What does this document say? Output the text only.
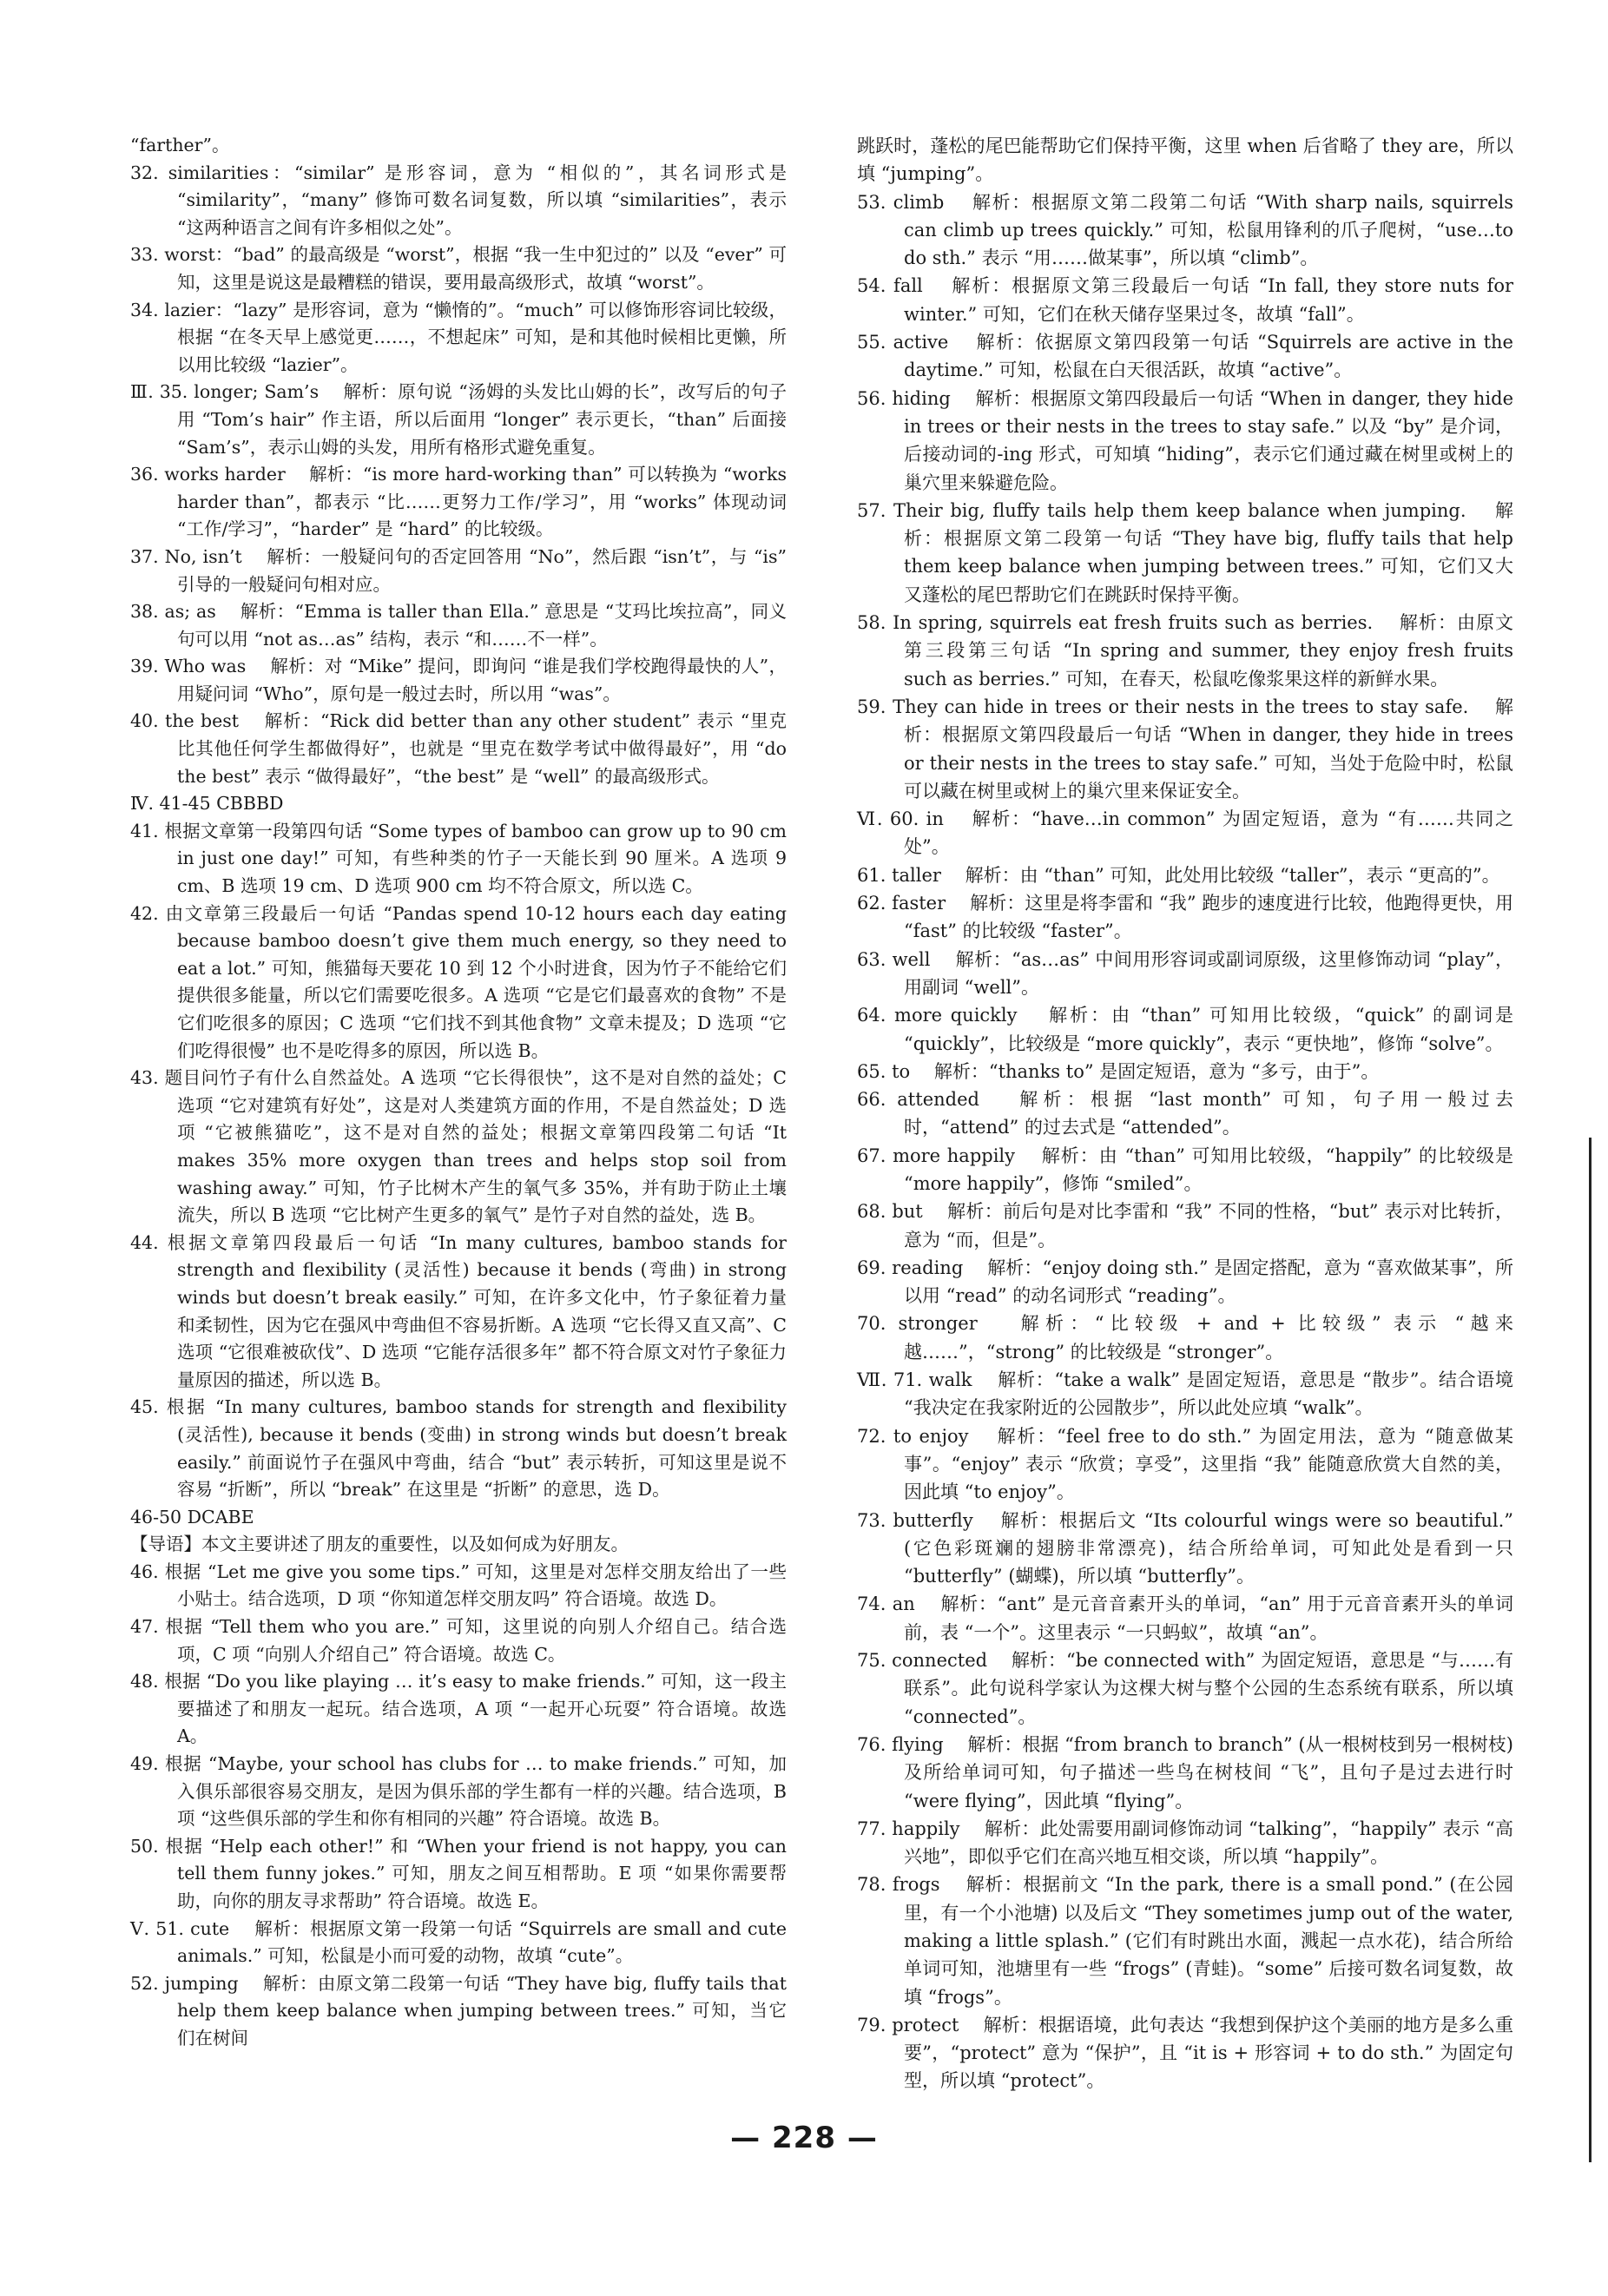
“farther”。

32. similarities：“similar” 是形容词，意为 “相似的”，其名词形式是 “similarity”，“many” 修饰可数名词复数，所以填 “similarities”，表示 “这两种语言之间有许多相似之处”。

33. worst：“bad” 的最高级是 “worst”，根据 “我一生中犯过的” 以及 “ever” 可知，这里是说这是最糟糕的错误，要用最高级形式，故填 “worst”。

34. lazier：“lazy” 是形容词，意为 “懒惰的”。“much” 可以修饰形容词比较级，根据 “在冬天早上感觉更……，不想起床” 可知，是和其他时候相比更懒，所以用比较级 “lazier”。

Ⅲ. 35. longer; Sam’s　 解析：原句说 “汤姆的头发比山姆的长”，改写后的句子用 “Tom’s hair” 作主语，所以后面用 “longer” 表示更长，“than” 后面接 “Sam’s”，表示山姆的头发，用所有格形式避免重复。

36. works harder　 解析：“is more hard-working than” 可以转换为 “works harder than”，都表示 “比……更努力工作/学习”，用 “works” 体现动词 “工作/学习”，“harder” 是 “hard” 的比较级。

37. No, isn’t　 解析：一般疑问句的否定回答用 “No”，然后跟 “isn’t”，与 “is” 引导的一般疑问句相对应。

38. as; as　 解析：“Emma is taller than Ella.” 意思是 “艾玛比埃拉高”，同义句可以用 “not as…as” 结构，表示 “和……不一样”。

39. Who was　 解析：对 “Mike” 提问，即询问 “谁是我们学校跑得最快的人”，用疑问词 “Who”，原句是一般过去时，所以用 “was”。

40. the best　 解析：“Rick did better than any other student” 表示 “里克比其他任何学生都做得好”，也就是 “里克在数学考试中做得最好”，用 “do the best” 表示 “做得最好”，“the best” 是 “well” 的最高级形式。

Ⅳ. 41-45 CBBBD

41. 根据文章第一段第四句话 “Some types of bamboo can grow up to 90 cm in just one day!” 可知，有些种类的竹子一天能长到 90 厘米。A 选项 9 cm、B 选项 19 cm、D 选项 900 cm 均不符合原文，所以选 C。

42. 由文章第三段最后一句话 “Pandas spend 10-12 hours each day eating because bamboo doesn’t give them much energy, so they need to eat a lot.” 可知，熊猫每天要花 10 到 12 个小时进食，因为竹子不能给它们提供很多能量，所以它们需要吃很多。A 选项 “它是它们最喜欢的食物” 不是它们吃很多的原因；C 选项 “它们找不到其他食物” 文章未提及；D 选项 “它们吃得很慢” 也不是吃得多的原因，所以选 B。

43. 题目问竹子有什么自然益处。A 选项 “它长得很快”，这不是对自然的益处；C 选项 “它对建筑有好处”，这是对人类建筑方面的作用，不是自然益处；D 选项 “它被熊猫吃”，这不是对自然的益处；根据文章第四段第二句话 “It makes 35% more oxygen than trees and helps stop soil from washing away.” 可知，竹子比树木产生的氧气多 35%，并有助于防止土壤流失，所以 B 选项 “它比树产生更多的氧气” 是竹子对自然的益处，选 B。

44. 根据文章第四段最后一句话 “In many cultures, bamboo stands for strength and flexibility (灵活性) because it bends (弯曲) in strong winds but doesn’t break easily.” 可知，在许多文化中，竹子象征着力量和柔韧性，因为它在强风中弯曲但不容易折断。A 选项 “它长得又直又高”、C 选项 “它很难被砍伐”、D 选项 “它能存活很多年” 都不符合原文对竹子象征力量原因的描述，所以选 B。

45. 根据 “In many cultures, bamboo stands for strength and flexibility (灵活性), because it bends (变曲) in strong winds but doesn’t break easily.” 前面说竹子在强风中弯曲，结合 “but” 表示转折，可知这里是说不容易 “折断”，所以 “break” 在这里是 “折断” 的意思，选 D。

46-50 DCABE

【导语】本文主要讲述了朋友的重要性，以及如何成为好朋友。

46. 根据 “Let me give you some tips.” 可知，这里是对怎样交朋友给出了一些小贴士。结合选项，D 项 “你知道怎样交朋友吗” 符合语境。故选 D。

47. 根据 “Tell them who you are.” 可知，这里说的向别人介绍自己。结合选项，C 项 “向别人介绍自己” 符合语境。故选 C。

48. 根据 “Do you like playing … it’s easy to make friends.” 可知，这一段主要描述了和朋友一起玩。结合选项，A 项 “一起开心玩耍” 符合语境。故选 A。

49. 根据 “Maybe, your school has clubs for … to make friends.” 可知，加入俱乐部很容易交朋友，是因为俱乐部的学生都有一样的兴趣。结合选项，B 项 “这些俱乐部的学生和你有相同的兴趣” 符合语境。故选 B。

50. 根据 “Help each other!” 和 “When your friend is not happy, you can tell them funny jokes.” 可知，朋友之间互相帮助。E 项 “如果你需要帮助，向你的朋友寻求帮助” 符合语境。故选 E。

Ⅴ. 51. cute　 解析：根据原文第一段第一句话 “Squirrels are small and cute animals.” 可知，松鼠是小而可爱的动物，故填 “cute”。

52. jumping　 解析：由原文第二段第一句话 “They have big, fluffy tails that help them keep balance when jumping between trees.” 可知，当它们在树间

跳跃时，蓬松的尾巴能帮助它们保持平衡，这里 when 后省略了 they are，所以填 “jumping”。

53. climb　 解析：根据原文第二段第二句话 “With sharp nails, squirrels can climb up trees quickly.” 可知，松鼠用锋利的爪子爬树，“use…to do sth.” 表示 “用……做某事”，所以填 “climb”。

54. fall　 解析：根据原文第三段最后一句话 “In fall, they store nuts for winter.” 可知，它们在秋天储存坚果过冬，故填 “fall”。

55. active　 解析：依据原文第四段第一句话 “Squirrels are active in the daytime.” 可知，松鼠在白天很活跃，故填 “active”。

56. hiding　 解析：根据原文第四段最后一句话 “When in danger, they hide in trees or their nests in the trees to stay safe.” 以及 “by” 是介词，后接动词的-ing 形式，可知填 “hiding”，表示它们通过藏在树里或树上的巢穴里来躲避危险。

57. Their big, fluffy tails help them keep balance when jumping.　 解析：根据原文第二段第一句话 “They have big, fluffy tails that help them keep balance when jumping between trees.” 可知，它们又大又蓬松的尾巴帮助它们在跳跃时保持平衡。

58. In spring, squirrels eat fresh fruits such as berries.　 解析：由原文第三段第三句话 “In spring and summer, they enjoy fresh fruits such as berries.” 可知，在春天，松鼠吃像浆果这样的新鲜水果。

59. They can hide in trees or their nests in the trees to stay safe.　 解析：根据原文第四段最后一句话 “When in danger, they hide in trees or their nests in the trees to stay safe.” 可知，当处于危险中时，松鼠可以藏在树里或树上的巢穴里来保证安全。

Ⅵ. 60. in　 解析：“have…in common” 为固定短语，意为 “有……共同之处”。

61. taller　 解析：由 “than” 可知，此处用比较级 “taller”，表示 “更高的”。

62. faster　 解析：这里是将李雷和 “我” 跑步的速度进行比较，他跑得更快，用 “fast” 的比较级 “faster”。

63. well　 解析：“as…as” 中间用形容词或副词原级，这里修饰动词 “play”，用副词 “well”。

64. more quickly　 解析：由 “than” 可知用比较级，“quick” 的副词是 “quickly”，比较级是 “more quickly”，表示 “更快地”，修饰 “solve”。

65. to　 解析：“thanks to” 是固定短语，意为 “多亏，由于”。

66. attended　 解析：根据 “last month” 可知，句子用一般过去时，“attend” 的过去式是 “attended”。

67. more happily　 解析：由 “than” 可知用比较级，“happily” 的比较级是 “more happily”，修饰 “smiled”。

68. but　 解析：前后句是对比李雷和 “我” 不同的性格，“but” 表示对比转折，意为 “而，但是”。

69. reading　 解析：“enjoy doing sth.” 是固定搭配，意为 “喜欢做某事”，所以用 “read” 的动名词形式 “reading”。

70. stronger　 解析：“比较级 + and + 比较级” 表示 “越来越……”，“strong” 的比较级是 “stronger”。

Ⅶ. 71. walk　 解析：“take a walk” 是固定短语，意思是 “散步”。结合语境 “我决定在我家附近的公园散步”，所以此处应填 “walk”。

72. to enjoy　 解析：“feel free to do sth.” 为固定用法，意为 “随意做某事”。“enjoy” 表示 “欣赏；享受”，这里指 “我” 能随意欣赏大自然的美，因此填 “to enjoy”。

73. butterfly　 解析：根据后文 “Its colourful wings were so beautiful.” (它色彩斑斓的翅膀非常漂亮)，结合所给单词，可知此处是看到一只 “butterfly” (蝴蝶)，所以填 “butterfly”。

74. an　 解析：“ant” 是元音音素开头的单词，“an” 用于元音音素开头的单词前，表 “一个”。这里表示 “一只蚂蚁”，故填 “an”。

75. connected　 解析：“be connected with” 为固定短语，意思是 “与……有联系”。此句说科学家认为这棵大树与整个公园的生态系统有联系，所以填 “connected”。

76. flying　 解析：根据 “from branch to branch” (从一根树枝到另一根树枝) 及所给单词可知，句子描述一些鸟在树枝间 “飞”，且句子是过去进行时 “were flying”，因此填 “flying”。

77. happily　 解析：此处需要用副词修饰动词 “talking”，“happily” 表示 “高兴地”，即似乎它们在高兴地互相交谈，所以填 “happily”。

78. frogs　 解析：根据前文 “In the park, there is a small pond.” (在公园里，有一个小池塘) 以及后文 “They sometimes jump out of the water, making a little splash.” (它们有时跳出水面，溅起一点水花)，结合所给单词可知，池塘里有一些 “frogs” (青蛙)。“some” 后接可数名词复数，故填 “frogs”。

79. protect　 解析：根据语境，此句表达 “我想到保护这个美丽的地方是多么重要”，“protect” 意为 “保护”，且 “it is + 形容词 + to do sth.” 为固定句型，所以填 “protect”。

— 228 —
